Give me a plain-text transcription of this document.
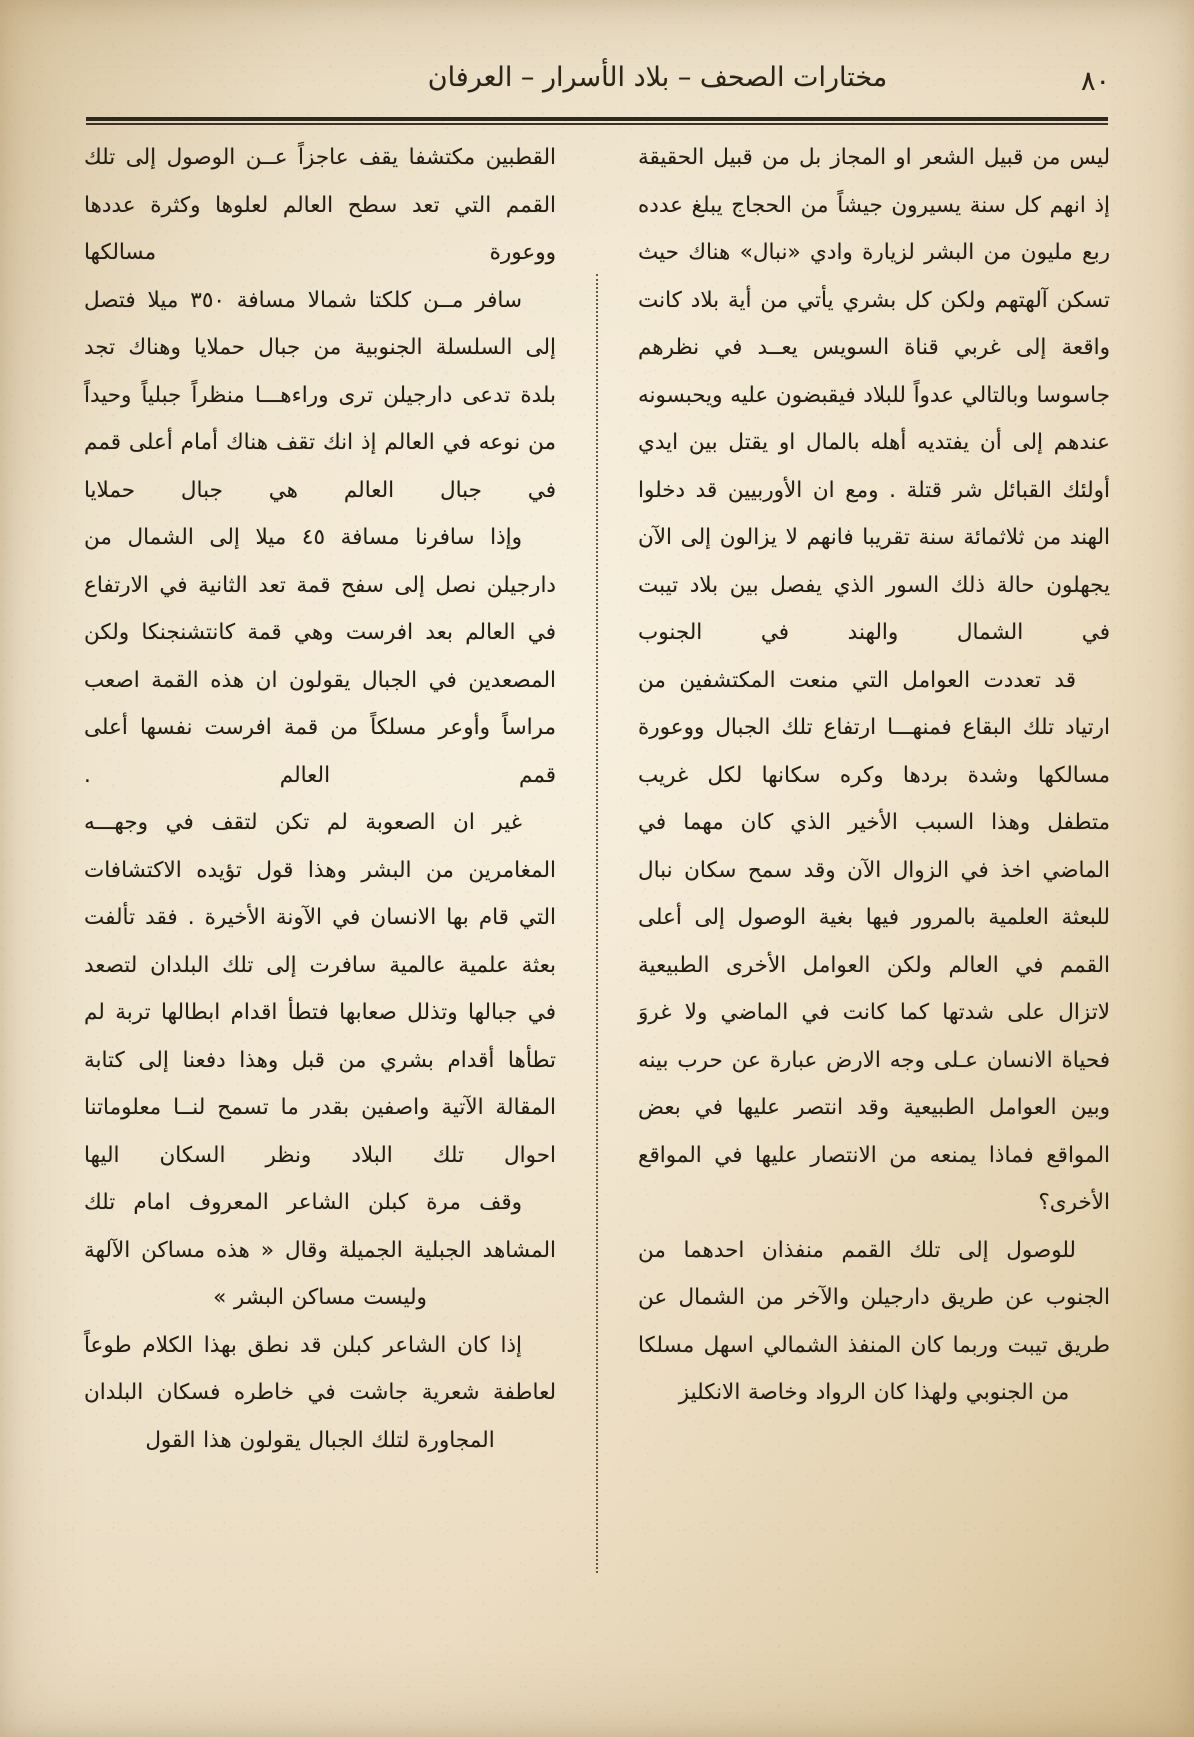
٨٠
مختارات الصحف – بلاد الأسرار – العرفان

ليس من قبيل الشعر او المجاز بل من قبيل الحقيقة إذ انهم كل سنة يسيرون جيشاً من الحجاج يبلغ عدده ربع مليون من البشر لزيارة وادي «نبال» هناك حيث تسكن آلهتهم ولكن كل بشري يأتي من أية بلاد كانت واقعة إلى غربي قناة السويس يعــد في نظرهم جاسوسا وبالتالي عدواً للبلاد فيقبضون عليه ويحبسونه عندهم إلى أن يفتديه أهله بالمال او يقتل بين ايدي أولئك القبائل شر قتلة . ومع ان الأوربيين قد دخلوا الهند من ثلاثمائة سنة تقريبا فانهم لا يزالون إلى الآن يجهلون حالة ذلك السور الذي يفصل بين بلاد تيبت في الشمال والهند في الجنوب

قد تعددت العوامل التي منعت المكتشفين من ارتياد تلك البقاع فمنهـــا ارتفاع تلك الجبال ووعورة مسالكها وشدة بردها وكره سكانها لكل غريب متطفل وهذا السبب الأخير الذي كان مهما في الماضي اخذ في الزوال الآن وقد سمح سكان نبال للبعثة العلمية بالمرور فيها بغية الوصول إلى أعلى القمم في العالم ولكن العوامل الأخرى الطبيعية لاتزال على شدتها كما كانت في الماضي ولا غروَ فحياة الانسان عـلى وجه الارض عبارة عن حرب بينه وبين العوامل الطبيعية وقد انتصر عليها في بعض المواقع فماذا يمنعه من الانتصار عليها في المواقع الأخرى؟

للوصول إلى تلك القمم منفذان احدهما من الجنوب عن طريق دارجيلن والآخر من الشمال عن طريق تيبت وربما كان المنفذ الشمالي اسهل مسلكا من الجنوبي ولهذا كان الرواد وخاصة الانكليز

القطبين مكتشفا يقف عاجزاً عــن الوصول إلى تلك القمم التي تعد سطح العالم لعلوها وكثرة عددها ووعورة مسالكها

سافر مــن كلكتا شمالا مسافة ٣٥٠ ميلا فتصل إلى السلسلة الجنوبية من جبال حملايا وهناك تجد بلدة تدعى دارجيلن ترى وراءهـــا منظراً جبلياً وحيداً من نوعه في العالم إذ انك تقف هناك أمام أعلى قمم في جبال العالم هي جبال حملايا

وإذا سافرنا مسافة ٤٥ ميلا إلى الشمال من دارجيلن نصل إلى سفح قمة تعد الثانية في الارتفاع في العالم بعد افرست وهي قمة كانتشنجنكا ولكن المصعدين في الجبال يقولون ان هذه القمة اصعب مراساً وأوعر مسلكاً من قمة افرست نفسها أعلى قمم العالم .

غير ان الصعوبة لم تكن لتقف في وجهـــه المغامرين من البشر وهذا قول تؤيده الاكتشافات التي قام بها الانسان في الآونة الأخيرة . فقد تألفت بعثة علمية عالمية سافرت إلى تلك البلدان لتصعد في جبالها وتذلل صعابها فتطأ اقدام ابطالها تربة لم تطأها أقدام بشري من قبل وهذا دفعنا إلى كتابة المقالة الآتية واصفين بقدر ما تسمح لنــا معلوماتنا احوال تلك البلاد ونظر السكان اليها

وقف مرة كبلن الشاعر المعروف امام تلك المشاهد الجبلية الجميلة وقال « هذه مساكن الآلهة وليست مساكن البشر »

إذا كان الشاعر كبلن قد نطق بهذا الكلام طوعاً لعاطفة شعرية جاشت في خاطره فسكان البلدان المجاورة لتلك الجبال يقولون هذا القول
